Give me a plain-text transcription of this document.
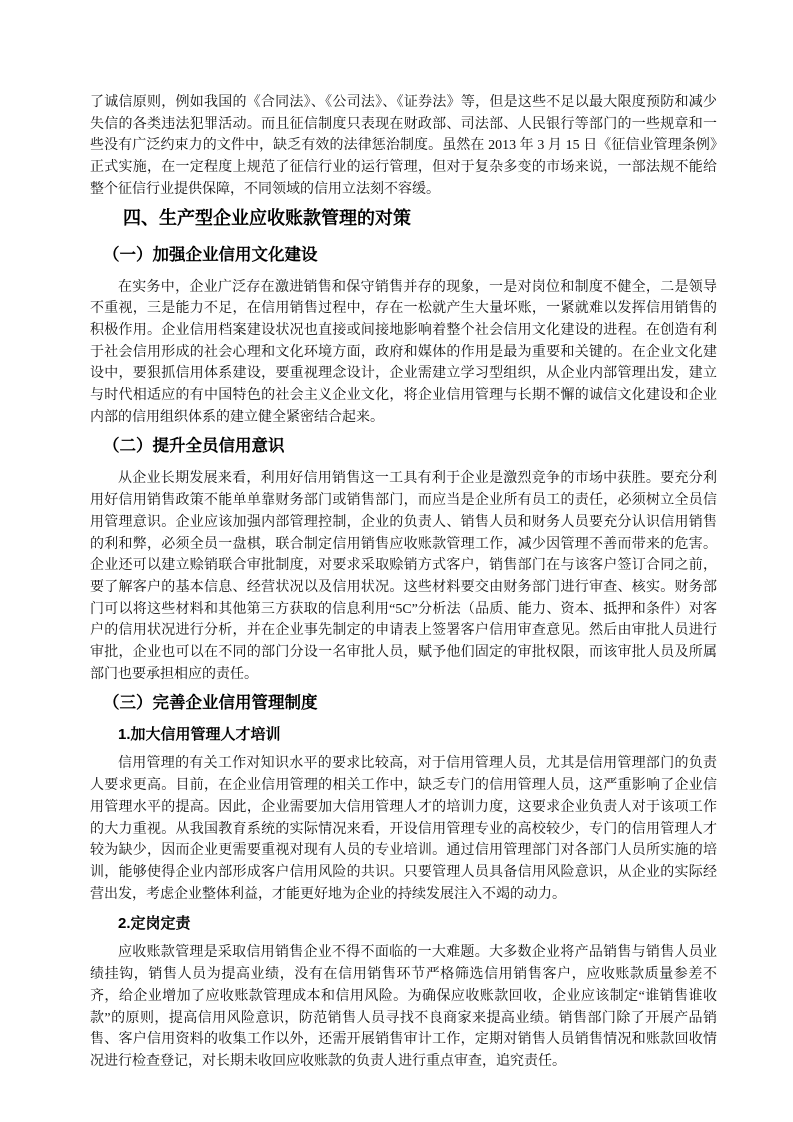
了诚信原则，例如我国的《合同法》、《公司法》、《证券法》等，但是这些不足以最大限度预防和减少失信的各类违法犯罪活动。而且征信制度只表现在财政部、司法部、人民银行等部门的一些规章和一些没有广泛约束力的文件中，缺乏有效的法律惩治制度。虽然在 2013 年 3 月 15 日《征信业管理条例》正式实施，在一定程度上规范了征信行业的运行管理，但对于复杂多变的市场来说，一部法规不能给整个征信行业提供保障，不同领域的信用立法刻不容缓。

四、生产型企业应收账款管理的对策
（一）加强企业信用文化建设

在实务中，企业广泛存在激进销售和保守销售并存的现象，一是对岗位和制度不健全，二是领导不重视，三是能力不足，在信用销售过程中，存在一松就产生大量坏账，一紧就难以发挥信用销售的积极作用。企业信用档案建设状况也直接或间接地影响着整个社会信用文化建设的进程。在创造有利于社会信用形成的社会心理和文化环境方面，政府和媒体的作用是最为重要和关键的。在企业文化建设中，要狠抓信用体系建设，要重视理念设计，企业需建立学习型组织，从企业内部管理出发，建立与时代相适应的有中国特色的社会主义企业文化，将企业信用管理与长期不懈的诚信文化建设和企业内部的信用组织体系的建立健全紧密结合起来。

（二）提升全员信用意识

从企业长期发展来看，利用好信用销售这一工具有利于企业是激烈竞争的市场中获胜。要充分利用好信用销售政策不能单单靠财务部门或销售部门，而应当是企业所有员工的责任，必须树立全员信用管理意识。企业应该加强内部管理控制，企业的负责人、销售人员和财务人员要充分认识信用销售的利和弊，必须全员一盘棋，联合制定信用销售应收账款管理工作，减少因管理不善而带来的危害。企业还可以建立赊销联合审批制度，对要求采取赊销方式客户，销售部门在与该客户签订合同之前，要了解客户的基本信息、经营状况以及信用状况。这些材料要交由财务部门进行审查、核实。财务部门可以将这些材料和其他第三方获取的信息利用“5C”分析法（品质、能力、资本、抵押和条件）对客户的信用状况进行分析，并在企业事先制定的申请表上签署客户信用审查意见。然后由审批人员进行审批，企业也可以在不同的部门分设一名审批人员，赋予他们固定的审批权限，而该审批人员及所属部门也要承担相应的责任。

（三）完善企业信用管理制度
1.加大信用管理人才培训

信用管理的有关工作对知识水平的要求比较高，对于信用管理人员，尤其是信用管理部门的负责人要求更高。目前，在企业信用管理的相关工作中，缺乏专门的信用管理人员，这严重影响了企业信用管理水平的提高。因此，企业需要加大信用管理人才的培训力度，这要求企业负责人对于该项工作的大力重视。从我国教育系统的实际情况来看，开设信用管理专业的高校较少，专门的信用管理人才较为缺少，因而企业更需要重视对现有人员的专业培训。通过信用管理部门对各部门人员所实施的培训，能够使得企业内部形成客户信用风险的共识。只要管理人员具备信用风险意识，从企业的实际经营出发，考虑企业整体利益，才能更好地为企业的持续发展注入不竭的动力。

2.定岗定责

应收账款管理是采取信用销售企业不得不面临的一大难题。大多数企业将产品销售与销售人员业绩挂钩，销售人员为提高业绩，没有在信用销售环节严格筛选信用销售客户，应收账款质量参差不齐，给企业增加了应收账款管理成本和信用风险。为确保应收账款回收，企业应该制定“谁销售谁收款”的原则，提高信用风险意识，防范销售人员寻找不良商家来提高业绩。销售部门除了开展产品销售、客户信用资料的收集工作以外，还需开展销售审计工作，定期对销售人员销售情况和账款回收情况进行检查登记，对长期未收回应收账款的负责人进行重点审查，追究责任。
